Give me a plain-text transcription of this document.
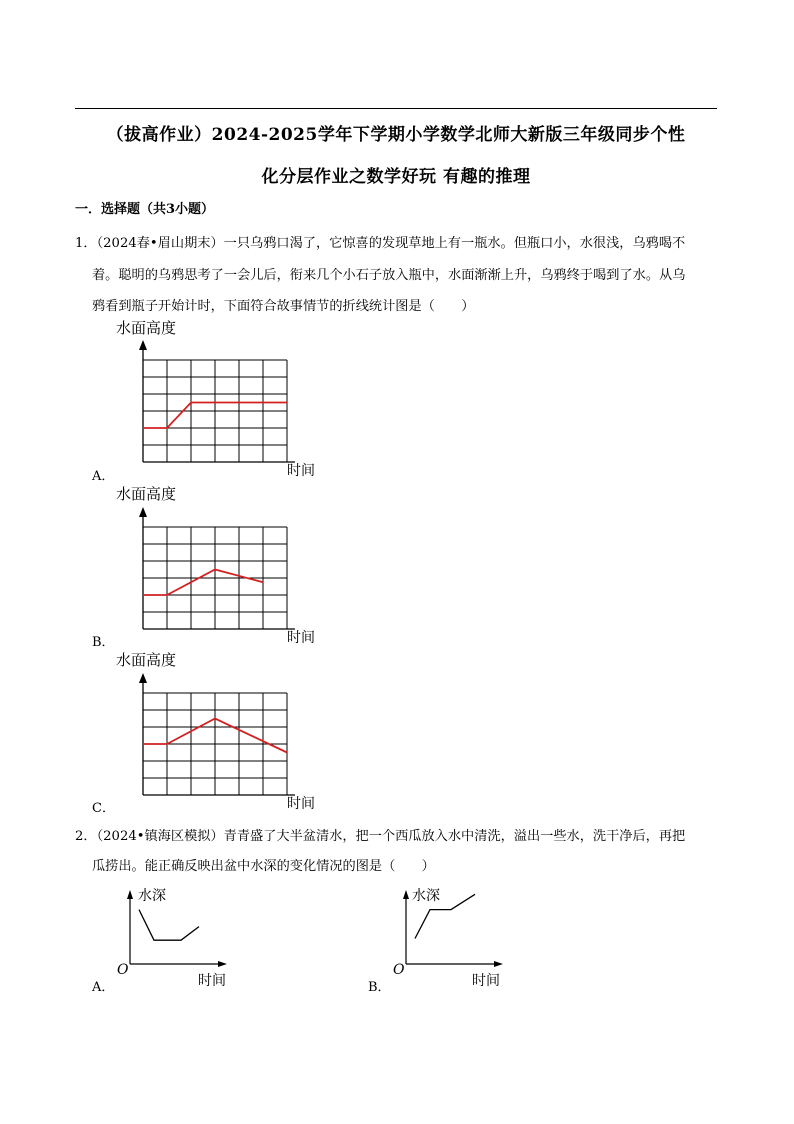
（拔高作业）2024-2025学年下学期小学数学北师大新版三年级同步个性
化分层作业之数学好玩 有趣的推理
一．选择题（共3小题）
1．（2024春•眉山期末）一只乌鸦口渴了，它惊喜的发现草地上有一瓶水。但瓶口小，水很浅，乌鸦喝不
着。聪明的乌鸦思考了一会儿后，衔来几个小石子放入瓶中，水面渐渐上升，乌鸦终于喝到了水。从乌
鸦看到瓶子开始计时，下面符合故事情节的折线统计图是（　　）
水面高度
时间
A．
水面高度
时间
B．
水面高度
时间
C．
2．（2024•镇海区模拟）青青盛了大半盆清水，把一个西瓜放入水中清洗，溢出一些水，洗干净后，再把
瓜捞出。能正确反映出盆中水深的变化情况的图是（　　）
水深
O
时间
A．
水深
O
时间
B．
